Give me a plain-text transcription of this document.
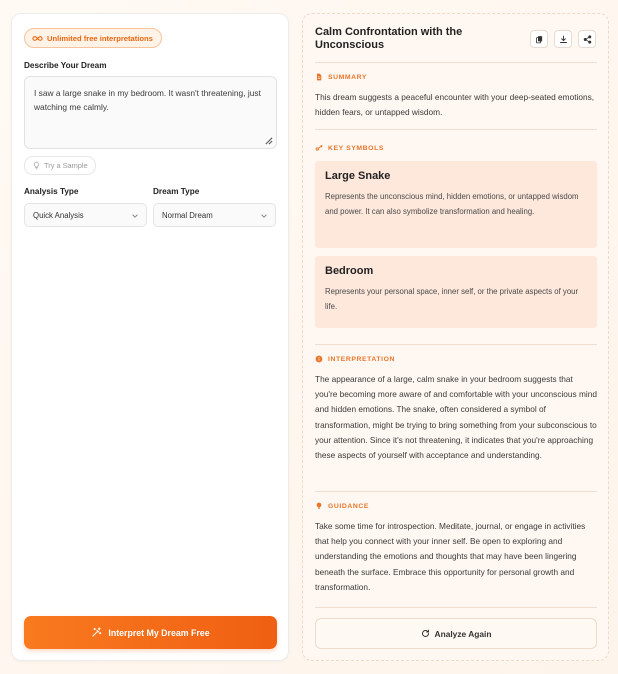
Unlimited free interpretations
Describe Your Dream
I saw a large snake in my bedroom. It wasn't threatening, just watching me calmly.
Try a Sample
Analysis Type	Dream Type
Quick Analysis	Normal Dream
Interpret My Dream Free
Calm Confrontation with the Unconscious
SUMMARY
This dream suggests a peaceful encounter with your deep-seated emotions, hidden fears, or untapped wisdom.
KEY SYMBOLS
Large Snake
Represents the unconscious mind, hidden emotions, or untapped wisdom and power. It can also symbolize transformation and healing.
Bedroom
Represents your personal space, inner self, or the private aspects of your life.
INTERPRETATION
The appearance of a large, calm snake in your bedroom suggests that you're becoming more aware of and comfortable with your unconscious mind and hidden emotions. The snake, often considered a symbol of transformation, might be trying to bring something from your subconscious to your attention. Since it's not threatening, it indicates that you're approaching these aspects of yourself with acceptance and understanding.
GUIDANCE
Take some time for introspection. Meditate, journal, or engage in activities that help you connect with your inner self. Be open to exploring and understanding the emotions and thoughts that may have been lingering beneath the surface. Embrace this opportunity for personal growth and transformation.
Analyze Again
